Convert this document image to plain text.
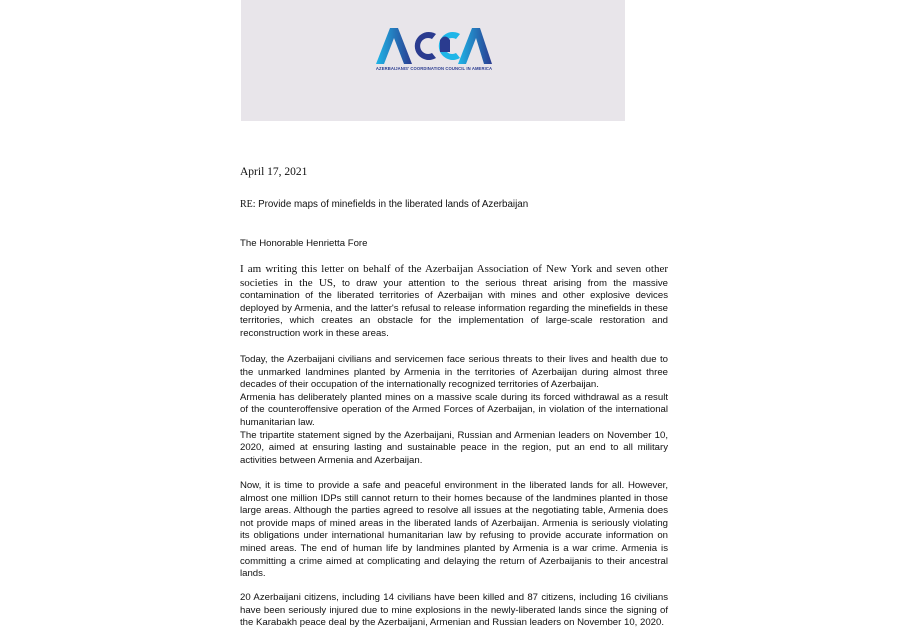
AZERBAIJANIS' COORDINATION COUNCIL IN AMERICA
April 17, 2021
RE: Provide maps of minefields in the liberated lands of Azerbaijan
The Honorable Henrietta Fore

I am writing this letter on behalf of the Azerbaijan Association of New York and seven other societies in the US, to draw your attention to the serious threat arising from the massive contamination of the liberated territories of Azerbaijan with mines and other explosive devices deployed by Armenia, and the latter's refusal to release information regarding the minefields in these territories, which creates an obstacle for the implementation of large-scale restoration and reconstruction work in these areas.

Today, the Azerbaijani civilians and servicemen face serious threats to their lives and health due to the unmarked landmines planted by Armenia in the territories of Azerbaijan during almost three decades of their occupation of the internationally recognized territories of Azerbaijan.
Armenia has deliberately planted mines on a massive scale during its forced withdrawal as a result of the counteroffensive operation of the Armed Forces of Azerbaijan, in violation of the international humanitarian law.
The tripartite statement signed by the Azerbaijani, Russian and Armenian leaders on November 10, 2020, aimed at ensuring lasting and sustainable peace in the region, put an end to all military activities between Armenia and Azerbaijan.

Now, it is time to provide a safe and peaceful environment in the liberated lands for all. However, almost one million IDPs still cannot return to their homes because of the landmines planted in those large areas. Although the parties agreed to resolve all issues at the negotiating table, Armenia does not provide maps of mined areas in the liberated lands of Azerbaijan. Armenia is seriously violating its obligations under international humanitarian law by refusing to provide accurate information on mined areas. The end of human life by landmines planted by Armenia is a war crime. Armenia is committing a crime aimed at complicating and delaying the return of Azerbaijanis to their ancestral lands.

20 Azerbaijani citizens, including 14 civilians have been killed and 87 citizens, including 16 civilians have been seriously injured due to mine explosions in the newly-liberated lands since the signing of the Karabakh peace deal by the Azerbaijani, Armenian and Russian leaders on November 10, 2020.
